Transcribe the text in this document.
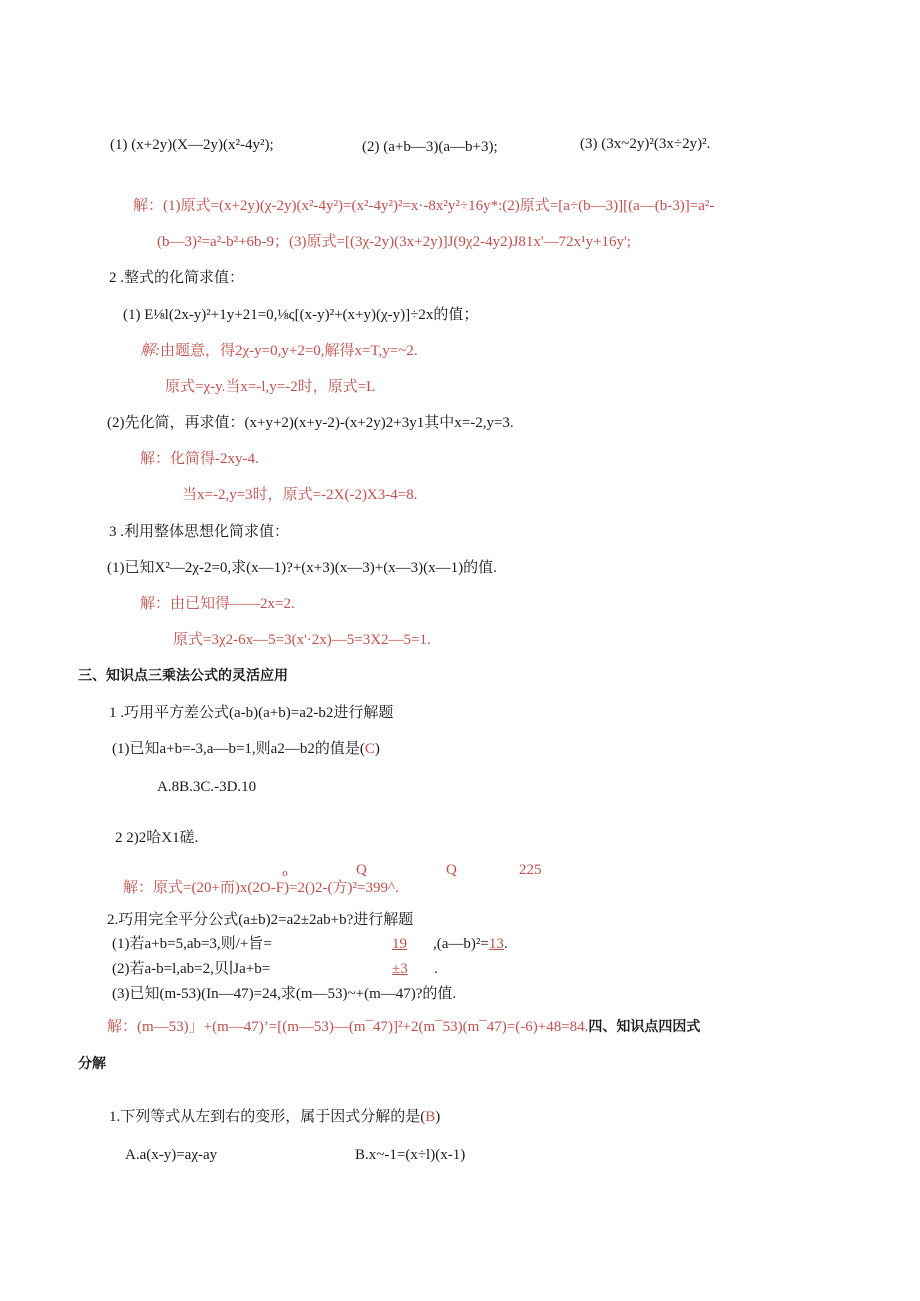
(1) (x+2y)(X—2y)(x²-4y²);	(2) (a+b—3)(a—b+3);	(3) (3x~2y)²(3x÷2y)².
解：(1)原式=(x+2y)(χ-2y)(x²-4y²)=(x²-4y²)²=x·-8x²y²÷16y*:(2)原式=[a÷(b—3)][(a—(b-3)]=a²-
(b—3)²=a²-b²+6b-9；(3)原式=[(3χ-2y)(3x+2y)]J(9χ2-4y2)J81x'—72x¹y+16y';
2 .整式的化简求值：
(1) E⅛l(2x-y)²+1y+21=0,⅛ς[(x-y)²+(x+y)(χ-y)]÷2x的值；
解:由题意，得2χ-y=0,y+2=0,解得x=T,y=~2.
原式=χ-y.当x=-l,y=-2时，原式=L
(2)先化简，再求值：(x+y+2)(x+y-2)-(x+2y)2+3y1其中x=-2,y=3.
解：化简得-2xy-4.
当x=-2,y=3时，原式=-2X(-2)X3-4=8.
3 .利用整体思想化简求值：
(1)已知X²—2χ-2=0,求(x—1)?+(x+3)(x—3)+(x—3)(x—1)的值.
解：由已知得——2x=2.
原式=3χ2-6x—5=3(x'·2x)—5=3X2—5=1.
三、知识点三乘法公式的灵活应用
1 .巧用平方差公式(a-b)(a+b)=a2-b2进行解题
(1)已知a+b=-3,a—b=1,则a2—b2的值是(C)
A.8B.3C.-3D.10
2 2)2哈X1磋.
ℴ	Q	Q	225
解：原式=(20+而)x(2O-F)=2()2-(方)²=399^.
2.巧用完全平分公式(a±b)2=a2±2ab+b?进行解题
(1)若a+b=5,ab=3,则/+旨=	19 ,(a—b)²=13.
(2)若a-b=l,ab=2,贝∣Ja+b=	±3 .
(3)已知(m-53)(In—47)=24,求(m—53)~+(m—47)?的值.
解：(m—53)」+(m—47)’=[(m—53)—(m¯47)]²+2(m¯53)(m¯47)=(-6)+48=84.四、知识点四因式
分解
1.下列等式从左到右的变形，属于因式分解的是(B)
A.a(x-y)=aχ-ay	B.x~-1=(x÷l)(x-1)
